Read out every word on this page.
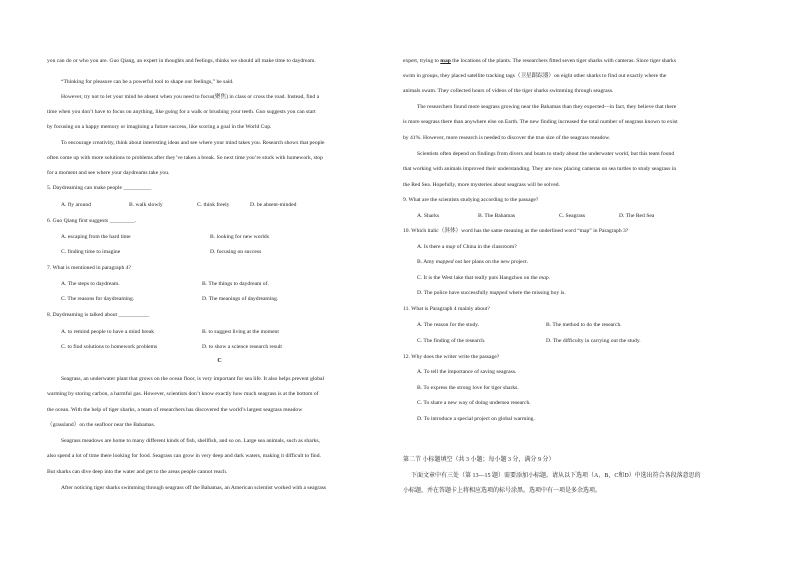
you can do or who you are. Guo Qiang, an expert in thoughts and feelings, thinks we should all make time to daydream.
“Thinking for pleasure can be a powerful tool to shape our feelings,” he said.
However, try not to let your mind be absent when you need to focus(聚焦) in class or cross the road. Instead, find a
time when you don’t have to focus on anything, like going for a walk or brushing your teeth. Guo suggests you can start
by focusing on a happy memory or imagining a future success, like scoring a goal in the World Cup.
To encourage creativity, think about interesting ideas and see where your mind takes you. Research shows that people
often come up with more solutions to problems after they’ve taken a break. So next time you’re stuck with homework, stop
for a moment and see where your daydreams take you.
5. Daydreaming can make people __________
A. fly around	B. walk slowly	C. think freely	D. be absent-minded
6. Guo Qiang first suggests _________.
A. escaping from the hard time	B. looking for new worlds
C. finding time to imagine	D. focusing on success
7. What is mentioned in paragraph 4?
A. The steps to daydream.	B. The things to daydream of.
C. The reasons for daydreaming.	D. The meanings of daydreaming.
8. Daydreaming is talked about ___________
A. to remind people to have a mind break	B. to suggest living at the moment
C. to find solutions to homework problems	D. to show a science research result
C
Seagrass, an underwater plant that grows on the ocean floor, is very important for sea life. It also helps prevent global
warming by storing carbon, a harmful gas. However, scientists don’t know exactly how much seagrass is at the bottom of
the ocean. With the help of tiger sharks, a team of researchers has discovered the world’s largest seagrass meadow
（grassland）on the seafloor near the Bahamas.
Seagrass meadows are home to many different kinds of fish, shellfish, and so on. Large sea animals, such as sharks,
also spend a lot of time there looking for food. Seagrass can grow in very deep and dark waters, making it difficult to find.
But sharks can dive deep into the water and get to the areas people cannot reach.
After noticing tiger sharks swimming through seagrass off the Bahamas, an American scientist worked with a seagrass
expert, trying to map the locations of the plants. The researchers fitted seven tiger sharks with cameras. Since tiger sharks
swim in groups, they placed satellite tracking tags（卫星跟踪器）on eight other sharks to find out exactly where the
animals swam. They collected hours of videos of the tiger sharks swimming through seagrass.
The researchers found more seagrass growing near the Bahamas than they expected—in fact, they believe that there
is more seagrass there than anywhere else on Earth. The new finding increased the total number of seagrass known to exist
by 41%. However, more research is needed to discover the true size of the seagrass meadow.
Scientists often depend on findings from divers and boats to study about the underwater world, but this team found
that working with animals improved their understanding. They are now placing cameras on sea turtles to study seagrass in
the Red Sea. Hopefully, more mysteries about seagrass will be solved.
9. What are the scientists studying according to the passage?
A. Sharks	B. The Bahamas	C. Seagrass	D. The Red Sea
10. Which italic（斜体）word has the same meaning as the underlined word “map” in Paragraph 3?
A. Is there a map of China in the classroom?
B. Amy mapped out her plans on the new project.
C. It is the West lake that really puts Hangzhou on the map.
D. The police have successfully mapped where the missing boy is.
11. What is Paragraph 4 mainly about?
A. The reason for the study.	B. The method to do the research.
C. The finding of the research.	D. The difficulty in carrying out the study.
12. Why does the writer write the passage?
A. To tell the importance of saving seagrass.
B. To express the strong love for tiger sharks.
C. To share a new way of doing undersea research.
D. To introduce a special project on global warming.
第二节 小标题填空（共 3 小题；每小题 3 分，满分 9 分）
下面文章中有三处（第 13—15 题）需要添加小标题。请从以下选项（A、B、C和D）中选出符合各段落意思的
小标题，并在答题卡上将相应选项的标号涂黑。选项中有一项是多余选项。
